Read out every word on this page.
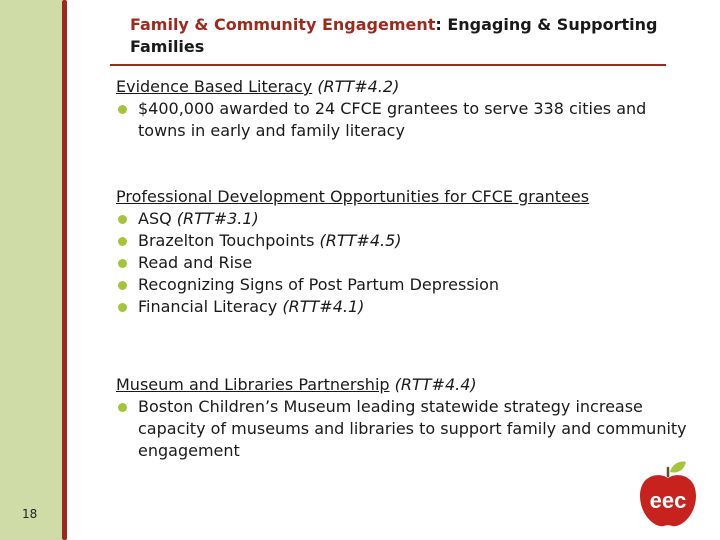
Family & Community Engagement: Engaging & Supporting Families
Evidence Based Literacy (RTT#4.2)
$400,000 awarded to 24 CFCE grantees to serve 338 cities and towns in early and family literacy
Professional Development Opportunities for CFCE grantees
ASQ (RTT#3.1)
Brazelton Touchpoints (RTT#4.5)
Read and Rise
Recognizing Signs of Post Partum Depression
Financial Literacy (RTT#4.1)
Museum and Libraries Partnership (RTT#4.4)
Boston Children’s Museum leading statewide strategy increase capacity of museums and libraries to support family and community engagement
18
eec
